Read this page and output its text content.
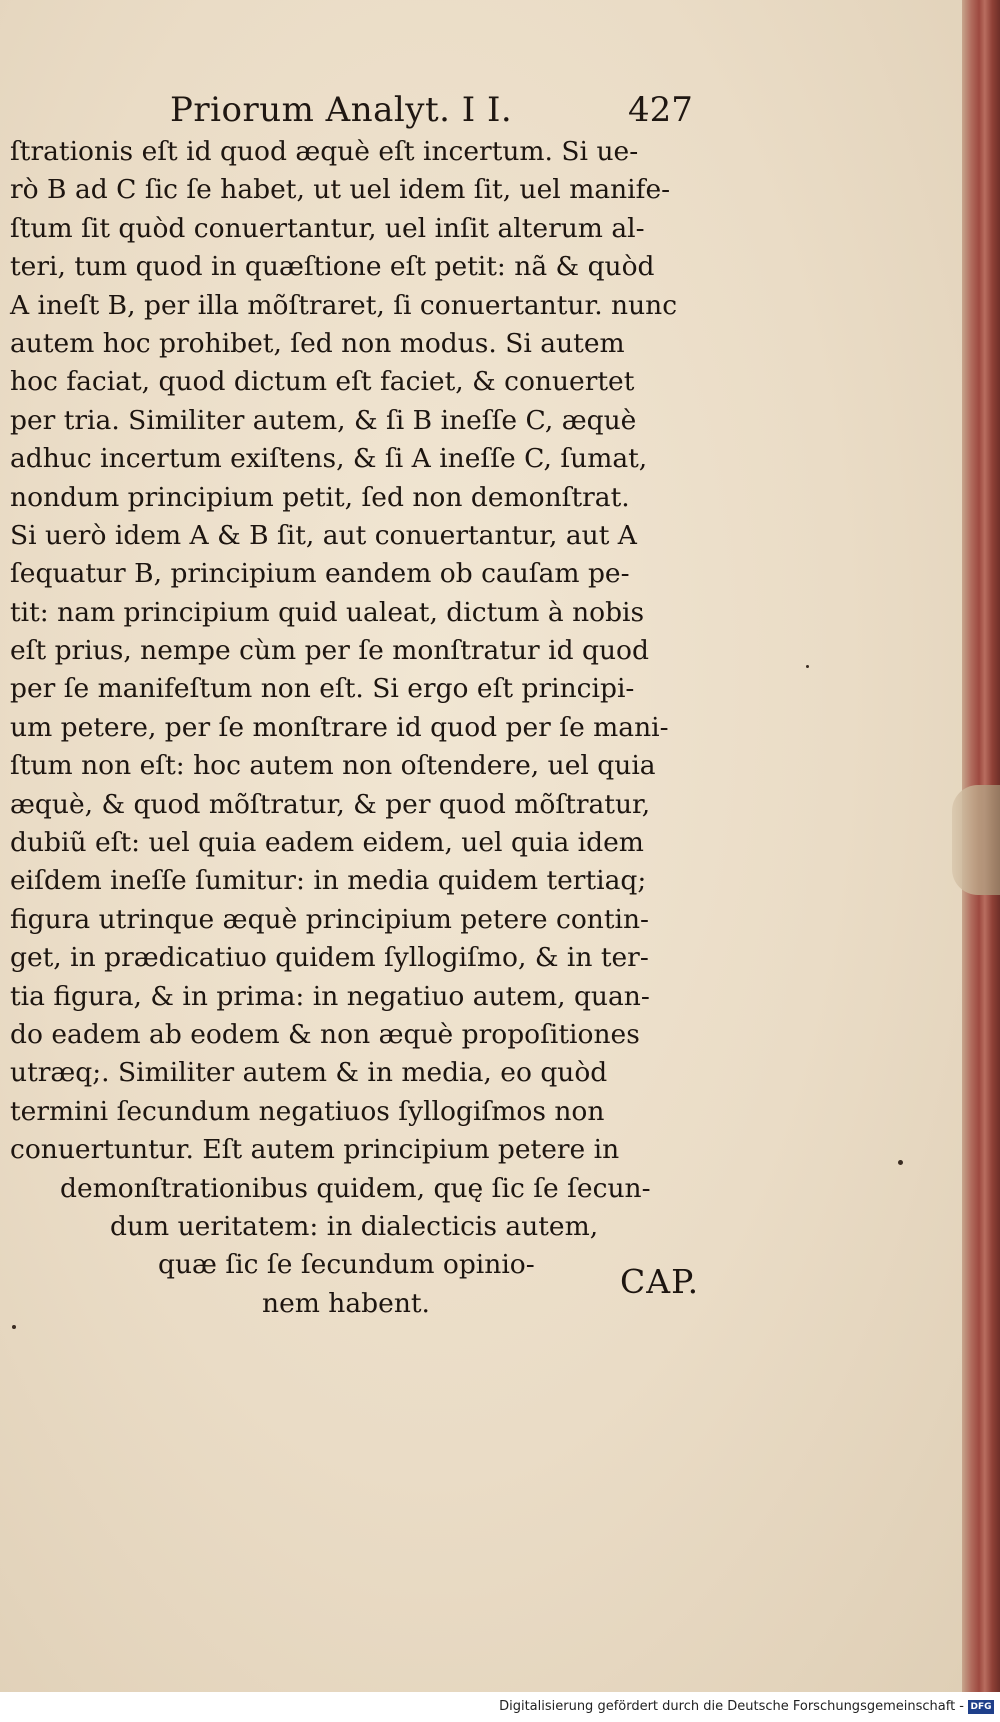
Priorum Analyt. I I.	427
ſtrationis eſt id quod æquè eſt incertum. Si ue-
rò B ad C ſic ſe habet, ut uel idem ſit, uel manife-
ſtum ſit quòd conuertantur, uel inſit alterum al-
teri, tum quod in quæſtione eſt petit: nã & quòd
A ineſt B, per illa mõſtraret, ſi conuertantur. nunc
autem hoc prohibet, ſed non modus. Si autem
hoc faciat, quod dictum eſt faciet, & conuertet
per tria. Similiter autem, & ſi B ineſſe C, æquè
adhuc incertum exiſtens, & ſi A ineſſe C, ſumat,
nondum principium petit, ſed non demonſtrat.
Si uerò idem A & B ſit, aut conuertantur, aut A
ſequatur B, principium eandem ob cauſam pe-
tit: nam principium quid ualeat, dictum à nobis
eſt prius, nempe cùm per ſe monſtratur id quod
per ſe manifeſtum non eſt. Si ergo eſt principi-
um petere, per ſe monſtrare id quod per ſe mani-
ſtum non eſt: hoc autem non oſtendere, uel quia
æquè, & quod mõſtratur, & per quod mõſtratur,
dubiũ eſt: uel quia eadem eidem, uel quia idem
eiſdem ineſſe ſumitur: in media quidem tertiaq;
figura utrinque æquè principium petere contin-
get, in prædicatiuo quidem ſyllogiſmo, & in ter-
tia figura, & in prima: in negatiuo autem, quan-
do eadem ab eodem & non æquè propoſitiones
utræq;. Similiter autem & in media, eo quòd
termini ſecundum negatiuos ſyllogiſmos non
conuertuntur. Eſt autem principium petere in
demonſtrationibus quidem, quę ſic ſe ſecun-
dum ueritatem: in dialecticis autem,
quæ ſic ſe ſecundum opinio-
nem habent.
CAP.
Digitalisierung gefördert durch die Deutsche Forschungsgemeinschaft - DFG
